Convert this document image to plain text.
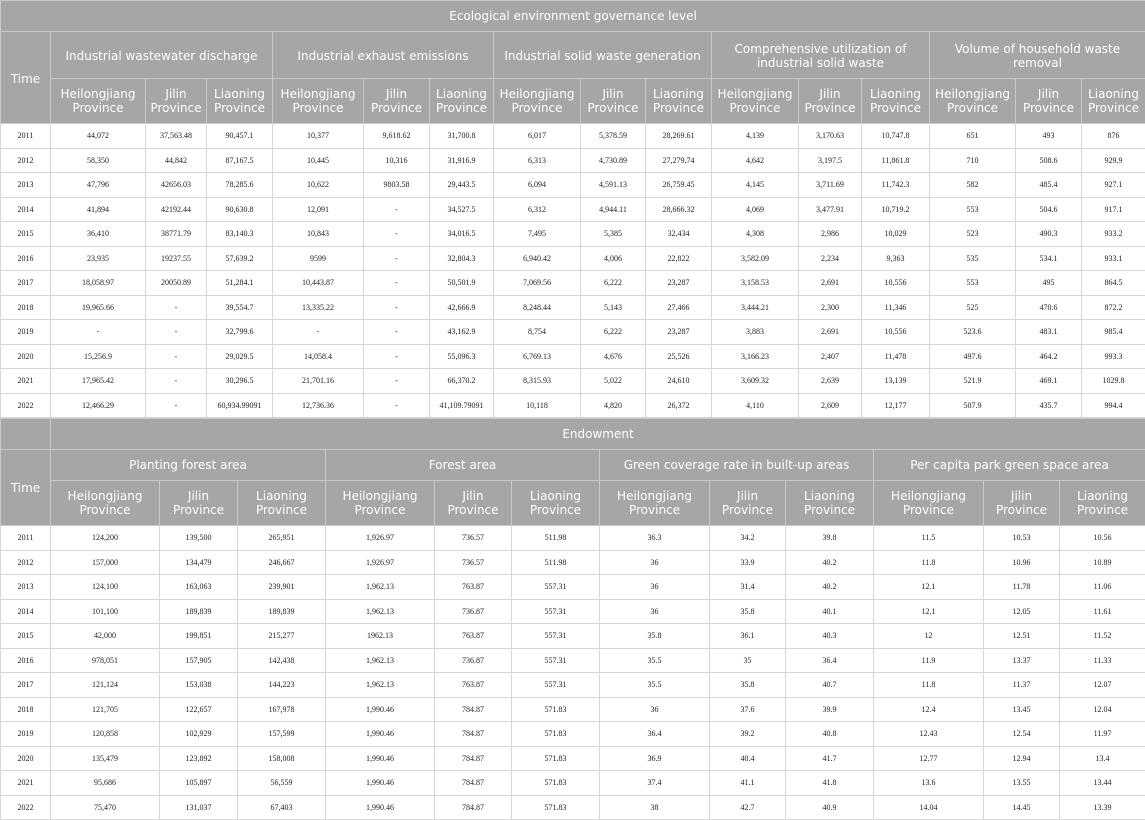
Ecological environment governance level															
Time	Industrial wastewater discharge			Industrial exhaust emissions			Industrial solid waste generation			Comprehensive utilization of industrial solid waste			Volume of household waste removal		
	Heilongjiang Province	Jilin Province	Liaoning Province	Heilongjiang Province	Jilin Province	Liaoning Province	Heilongjiang Province	Jilin Province	Liaoning Province	Heilongjiang Province	Jilin Province	Liaoning Province	Heilongjiang Province	Jilin Province	Liaoning Province
2011	44,072	37,563.48	90,457.1	10,377	9,618.62	31,700.8	6,017	5,378.59	28,269.61	4,139	3,170.63	10,747.8	651	493	876
2012	58,350	44,842	87,167.5	10,445	10,316	31,916.9	6,313	4,730.89	27,279.74	4,642	3,197.5	11,861.8	710	508.6	929.9
2013	47,796	42656.03	78,285.6	10,622	9803.58	29,443.5	6,094	4,591.13	26,759.45	4,145	3,711.69	11,742.3	582	485.4	927.1
2014	41,894	42192.44	90,630.8	12,091	-	34,527.5	6,312	4,944.11	28,666.32	4,069	3,477.91	10,719.2	553	504.6	917.1
2015	36,410	38771.79	83,140.3	10,843	-	34,016.5	7,495	5,385	32,434	4,308	2,986	10,029	523	490.3	933.2
2016	23,935	19237.55	57,639.2	9599	-	32,804.3	6,940.42	4,006	22,822	3,582.09	2,234	9,363	535	534.1	933.1
2017	18,058.97	20050.89	51,284.1	10,443.87	-	50,501.9	7,069.56	6,222	23,287	3,158.53	2,691	10,556	553	495	864.5
2018	19,965.66	-	39,554.7	13,335.22	-	42,666.9	8,248.44	5,143	27,466	3,444.21	2,300	11,346	525	470.6	872.2
2019	-	-	32,799.6	-	-	43,162.9	8,754	6,222	23,287	3,883	2,691	10,556	523.6	483.1	985.4
2020	15,256.9	-	29,029.5	14,058.4	-	55,096.3	6,769.13	4,676	25,526	3,166.23	2,407	11,478	497.6	464.2	993.3
2021	17,965.42	-	30,296.5	21,701.16	-	66,370.2	8,315.93	5,022	24,610	3,609.32	2,639	13,139	521.9	469.1	1029.8
2022	12,466.29	-	60,934.99091	12,736.36	-	41,109.79091	10,118	4,820	26,372	4,110	2,609	12,177	507.9	435.7	994.4
	Endowment											
Time	Planting forest area			Forest area			Green coverage rate in built-up areas			Per capita park green space area		
	Heilongjiang Province	Jilin Province	Liaoning Province	Heilongjiang Province	Jilin Province	Liaoning Province	Heilongjiang Province	Jilin Province	Liaoning Province	Heilongjiang Province	Jilin Province	Liaoning Province
2011	124,200	139,500	265,951	1,926.97	736.57	511.98	36.3	34.2	39.8	11.5	10.53	10.56
2012	157,000	134,479	246,667	1,926.97	736.57	511.98	36	33.9	40.2	11.8	10.96	10.89
2013	124,100	163,063	239,901	1,962.13	763.87	557.31	36	31.4	40.2	12.1	11.78	11.06
2014	101,100	189,839	189,839	1,962.13	736.87	557.31	36	35.8	40.1	12.1	12.05	11.61
2015	42,000	199,851	215,277	1962.13	763.87	557.31	35.8	36.1	40.3	12	12.51	11.52
2016	978,051	157,905	142,438	1,962.13	736.87	557.31	35.5	35	36.4	11.9	13.37	11.33
2017	121,124	153,038	144,223	1,962.13	763.87	557.31	35.5	35.8	40.7	11.8	11.37	12.07
2018	121,705	122,657	167,978	1,990.46	784.87	571.83	36	37.6	39.9	12.4	13.45	12.04
2019	120,858	102,929	157,599	1,990.46	784.87	571.83	36.4	39.2	40.8	12.43	12.54	11.97
2020	135,479	123,892	158,008	1,990.46	784.87	571.83	36.9	40.4	41.7	12.77	12.94	13.4
2021	95,686	105,897	56,559	1,990.46	784.87	571.83	37.4	41.1	41.8	13.6	13.55	13.44
2022	75,470	131,037	67,403	1,990.46	784.87	571.83	38	42.7	40.9	14.04	14.45	13.39
